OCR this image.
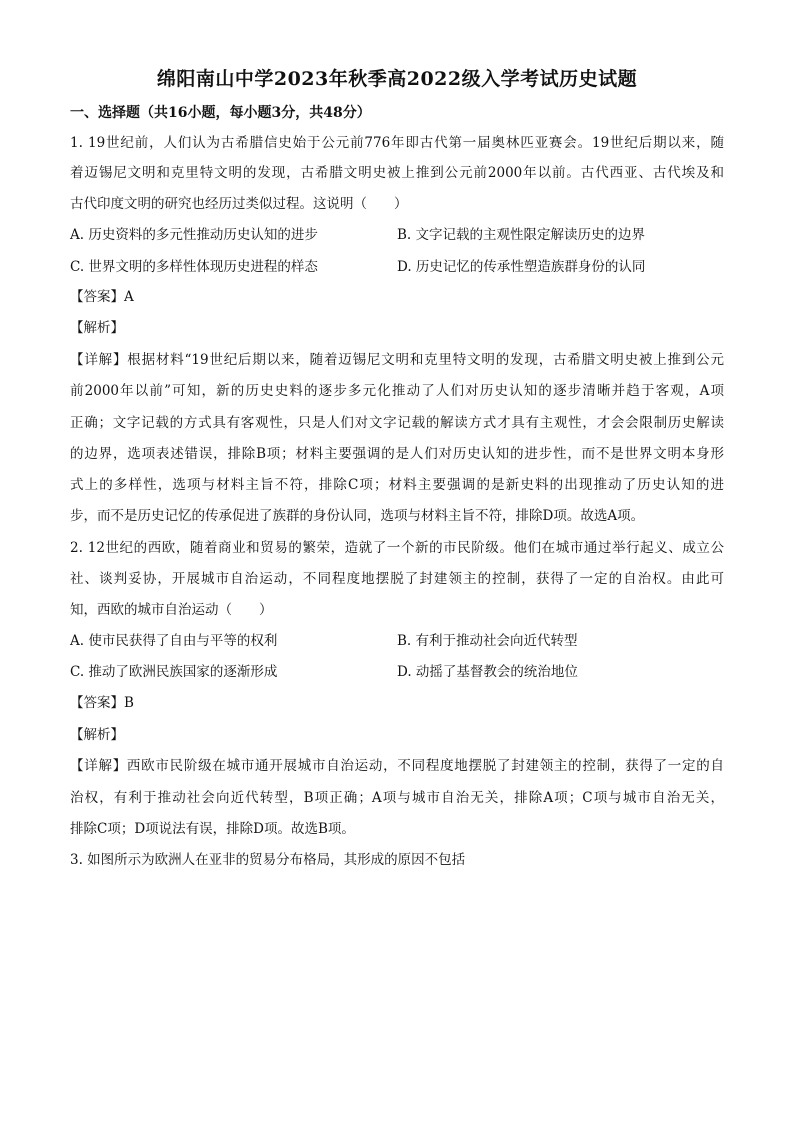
绵阳南山中学2023年秋季高2022级入学考试历史试题
一、选择题（共16小题，每小题3分，共48分）
1. 19世纪前，人们认为古希腊信史始于公元前776年即古代第一届奥林匹亚赛会。19世纪后期以来，随
着迈锡尼文明和克里特文明的发现，古希腊文明史被上推到公元前2000年以前。古代西亚、古代埃及和
古代印度文明的研究也经历过类似过程。这说明（　　）
A. 历史资料的多元性推动历史认知的进步	B. 文字记载的主观性限定解读历史的边界
C. 世界文明的多样性体现历史进程的样态	D. 历史记忆的传承性塑造族群身份的认同
【答案】A
【解析】
【详解】根据材料“19世纪后期以来，随着迈锡尼文明和克里特文明的发现，古希腊文明史被上推到公元
前2000年以前”可知，新的历史史料的逐步多元化推动了人们对历史认知的逐步清晰并趋于客观，A项
正确；文字记载的方式具有客观性，只是人们对文字记载的解读方式才具有主观性，才会会限制历史解读
的边界，选项表述错误，排除B项；材料主要强调的是人们对历史认知的进步性，而不是世界文明本身形
式上的多样性，选项与材料主旨不符，排除C项；材料主要强调的是新史料的出现推动了历史认知的进
步，而不是历史记忆的传承促进了族群的身份认同，选项与材料主旨不符，排除D项。故选A项。
2. 12世纪的西欧，随着商业和贸易的繁荣，造就了一个新的市民阶级。他们在城市通过举行起义、成立公
社、谈判妥协，开展城市自治运动，不同程度地摆脱了封建领主的控制，获得了一定的自治权。由此可
知，西欧的城市自治运动（　　）
A. 使市民获得了自由与平等的权利	B. 有利于推动社会向近代转型
C. 推动了欧洲民族国家的逐渐形成	D. 动摇了基督教会的统治地位
【答案】B
【解析】
【详解】西欧市民阶级在城市通开展城市自治运动，不同程度地摆脱了封建领主的控制，获得了一定的自
治权，有利于推动社会向近代转型，B项正确；A项与城市自治无关，排除A项；C项与城市自治无关，
排除C项；D项说法有误，排除D项。故选B项。
3. 如图所示为欧洲人在亚非的贸易分布格局，其形成的原因不包括
